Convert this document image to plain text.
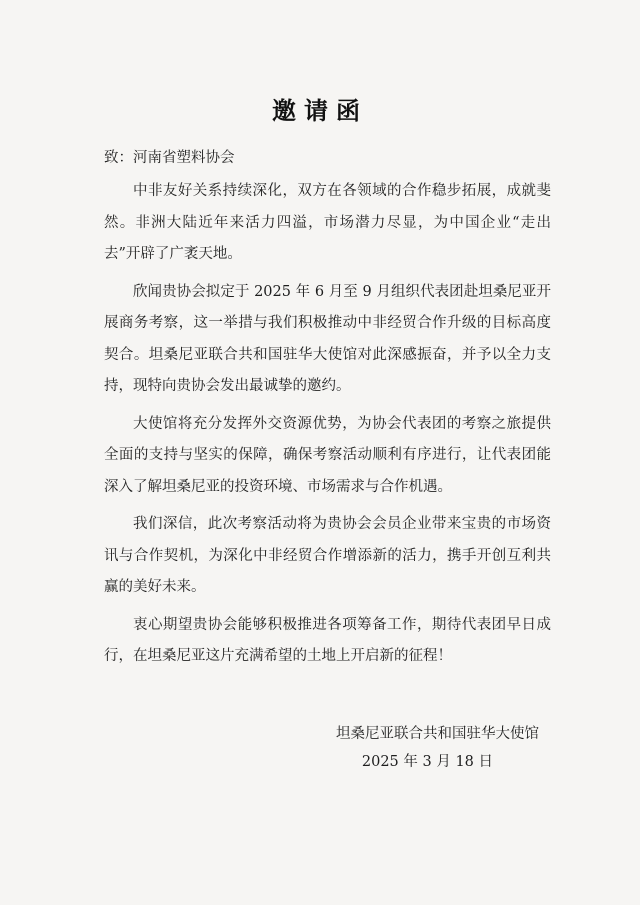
邀请函
致：河南省塑料协会

中非友好关系持续深化，双方在各领域的合作稳步拓展，成就斐然。非洲大陆近年来活力四溢，市场潜力尽显，为中国企业“走出去”开辟了广袤天地。

欣闻贵协会拟定于 2025 年 6 月至 9 月组织代表团赴坦桑尼亚开展商务考察，这一举措与我们积极推动中非经贸合作升级的目标高度契合。坦桑尼亚联合共和国驻华大使馆对此深感振奋，并予以全力支持，现特向贵协会发出最诚挚的邀约。

大使馆将充分发挥外交资源优势，为协会代表团的考察之旅提供全面的支持与坚实的保障，确保考察活动顺利有序进行，让代表团能深入了解坦桑尼亚的投资环境、市场需求与合作机遇。

我们深信，此次考察活动将为贵协会会员企业带来宝贵的市场资讯与合作契机，为深化中非经贸合作增添新的活力，携手开创互利共赢的美好未来。

衷心期望贵协会能够积极推进各项筹备工作，期待代表团早日成行，在坦桑尼亚这片充满希望的土地上开启新的征程！

坦桑尼亚联合共和国驻华大使馆
2025 年 3 月 18 日
